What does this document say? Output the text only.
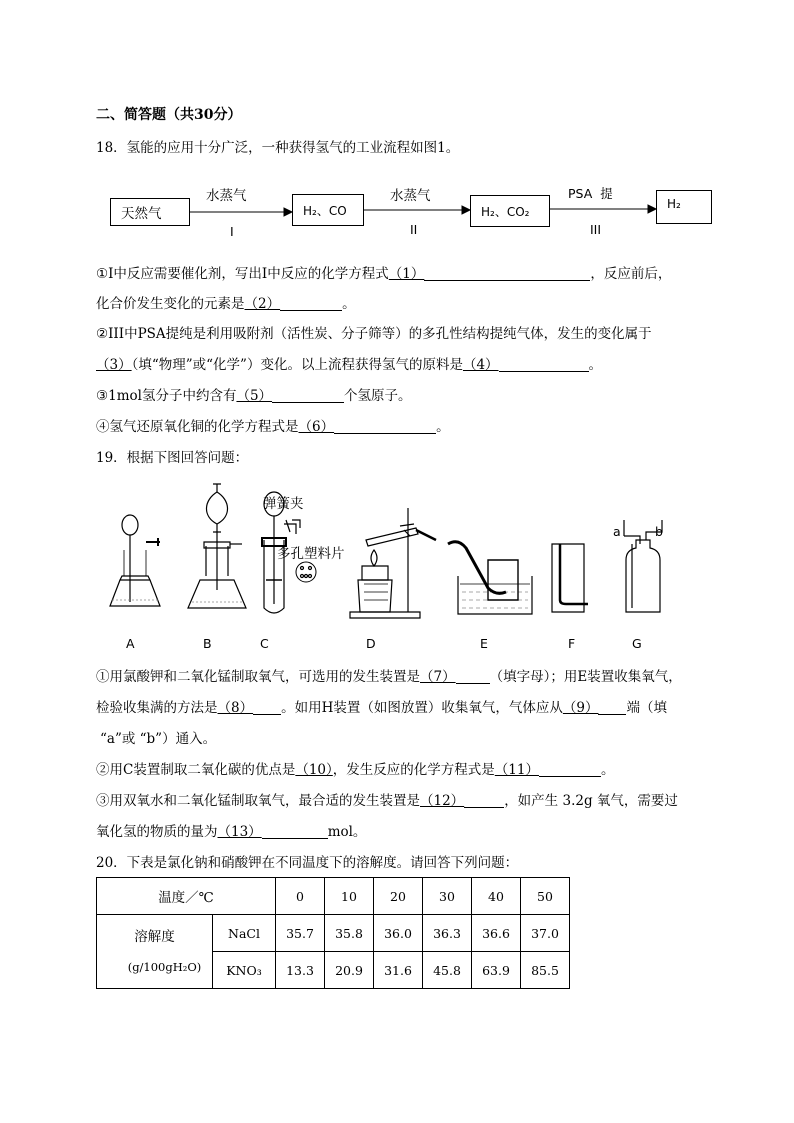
二、简答题（共30分）
18．氢能的应用十分广泛，一种获得氢气的工业流程如图1。
天然气	H₂、CO	H₂、CO₂
H₂
水蒸气
I
水蒸气
II
PSA  提
III
①I中反应需要催化剂，写出I中反应的化学方程式（1）	，反应前后，
化合价发生变化的元素是（2）	。
②III中PSA提纯是利用吸附剂（活性炭、分子筛等）的多孔性结构提纯气体，发生的变化属于
（3）（填“物理”或“化学”）变化。以上流程获得氢气的原料是（4）	。
③1mol氢分子中约含有（5）	个氢原子。
④氢气还原氧化铜的化学方程式是（6）	。
19．根据下图回答问题：
弹簧夹
多孔塑料片
a	b
A	B	C	D	E	F	G
①用氯酸钾和二氧化锰制取氧气，可选用的发生装置是（7）	（填字母）；用E装置收集氧气，
检验收集满的方法是（8） 。如用H装置（如图放置）收集氧气，气体应从（9） 端（填
“a”或 “b”）通入。
②用C装置制取二氧化碳的优点是（10），发生反应的化学方程式是（11）	。
③用双氧水和二氧化锰制取氧气，最合适的发生装置是（12）	，如产生 3.2g 氧气，需要过
氧化氢的物质的量为（13）	mol。
20．下表是氯化钠和硝酸钾在不同温度下的溶解度。请回答下列问题：
温度／℃		0	10	20	30	40	50

溶解度
(g/100gH₂O)	NaCl	35.7	35.8	36.0	36.3	36.6	37.0
	KNO₃	13.3	20.9	31.6	45.8	63.9	85.5
